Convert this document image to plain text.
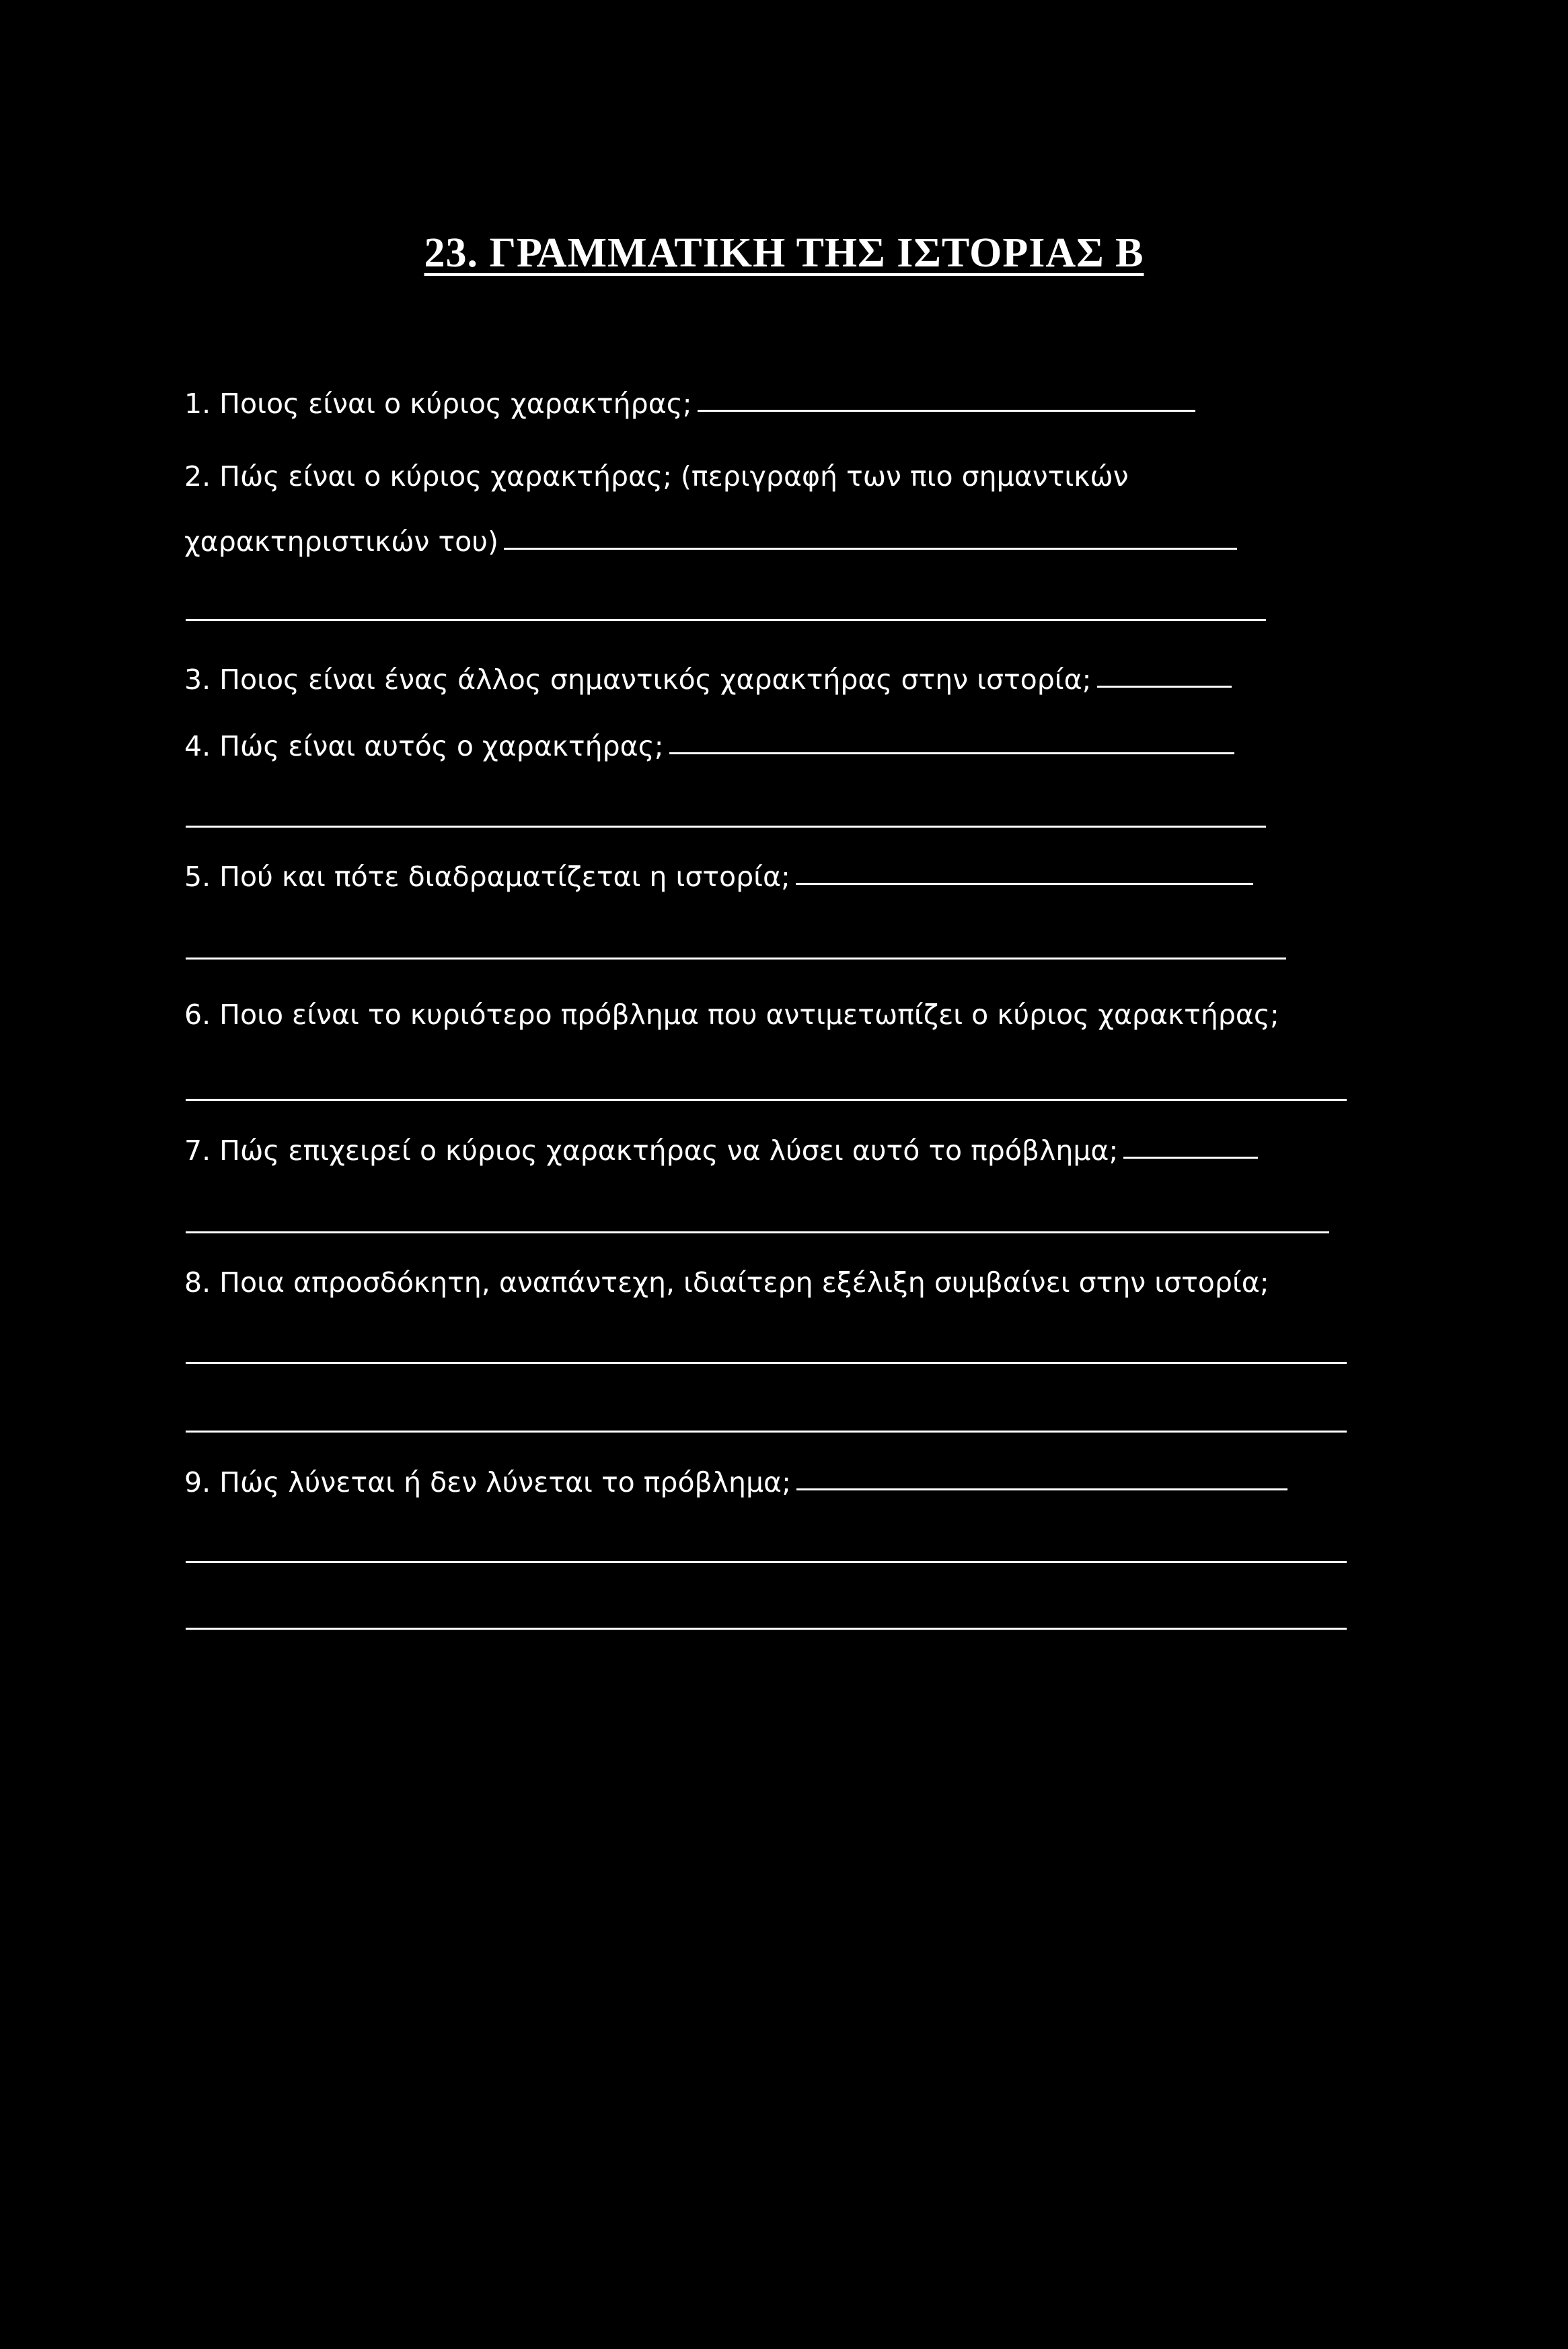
23. ΓΡΑΜΜΑΤΙΚΗ ΤΗΣ ΙΣΤΟΡΙΑΣ Β
1. Ποιος είναι ο κύριος χαρακτήρας;
2. Πώς είναι ο κύριος χαρακτήρας; (περιγραφή των πιο σημαντικών
χαρακτηριστικών του)
3. Ποιος είναι ένας άλλος σημαντικός χαρακτήρας στην ιστορία;
4. Πώς είναι αυτός ο χαρακτήρας;
5. Πού και πότε διαδραματίζεται η ιστορία;
6. Ποιο είναι το κυριότερο πρόβλημα που αντιμετωπίζει ο κύριος χαρακτήρας;
7. Πώς επιχειρεί ο κύριος χαρακτήρας να λύσει αυτό το πρόβλημα;
8. Ποια απροσδόκητη, αναπάντεχη, ιδιαίτερη εξέλιξη συμβαίνει στην ιστορία;
9. Πώς λύνεται ή δεν λύνεται το πρόβλημα;
